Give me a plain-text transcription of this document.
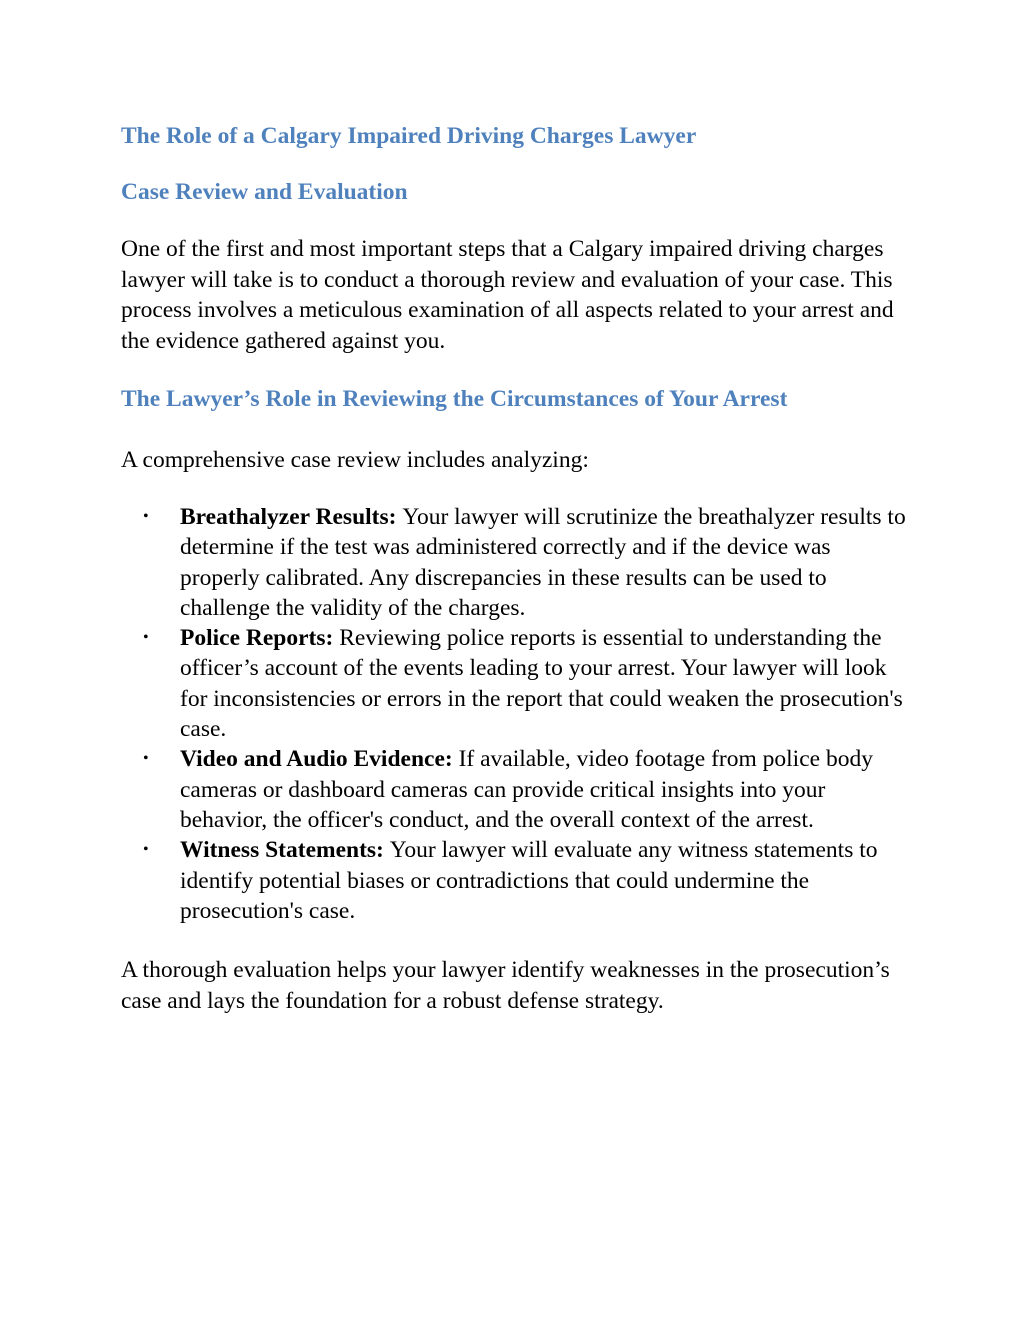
The Role of a Calgary Impaired Driving Charges Lawyer
Case Review and Evaluation

One of the first and most important steps that a Calgary impaired driving charges lawyer will take is to conduct a thorough review and evaluation of your case. This process involves a meticulous examination of all aspects related to your arrest and the evidence gathered against you.

The Lawyer’s Role in Reviewing the Circumstances of Your Arrest

A comprehensive case review includes analyzing:

• Breathalyzer Results: Your lawyer will scrutinize the breathalyzer results to determine if the test was administered correctly and if the device was properly calibrated. Any discrepancies in these results can be used to challenge the validity of the charges.
• Police Reports: Reviewing police reports is essential to understanding the officer’s account of the events leading to your arrest. Your lawyer will look for inconsistencies or errors in the report that could weaken the prosecution's case.
• Video and Audio Evidence: If available, video footage from police body cameras or dashboard cameras can provide critical insights into your behavior, the officer's conduct, and the overall context of the arrest.
• Witness Statements: Your lawyer will evaluate any witness statements to identify potential biases or contradictions that could undermine the prosecution's case.

A thorough evaluation helps your lawyer identify weaknesses in the prosecution’s case and lays the foundation for a robust defense strategy.
